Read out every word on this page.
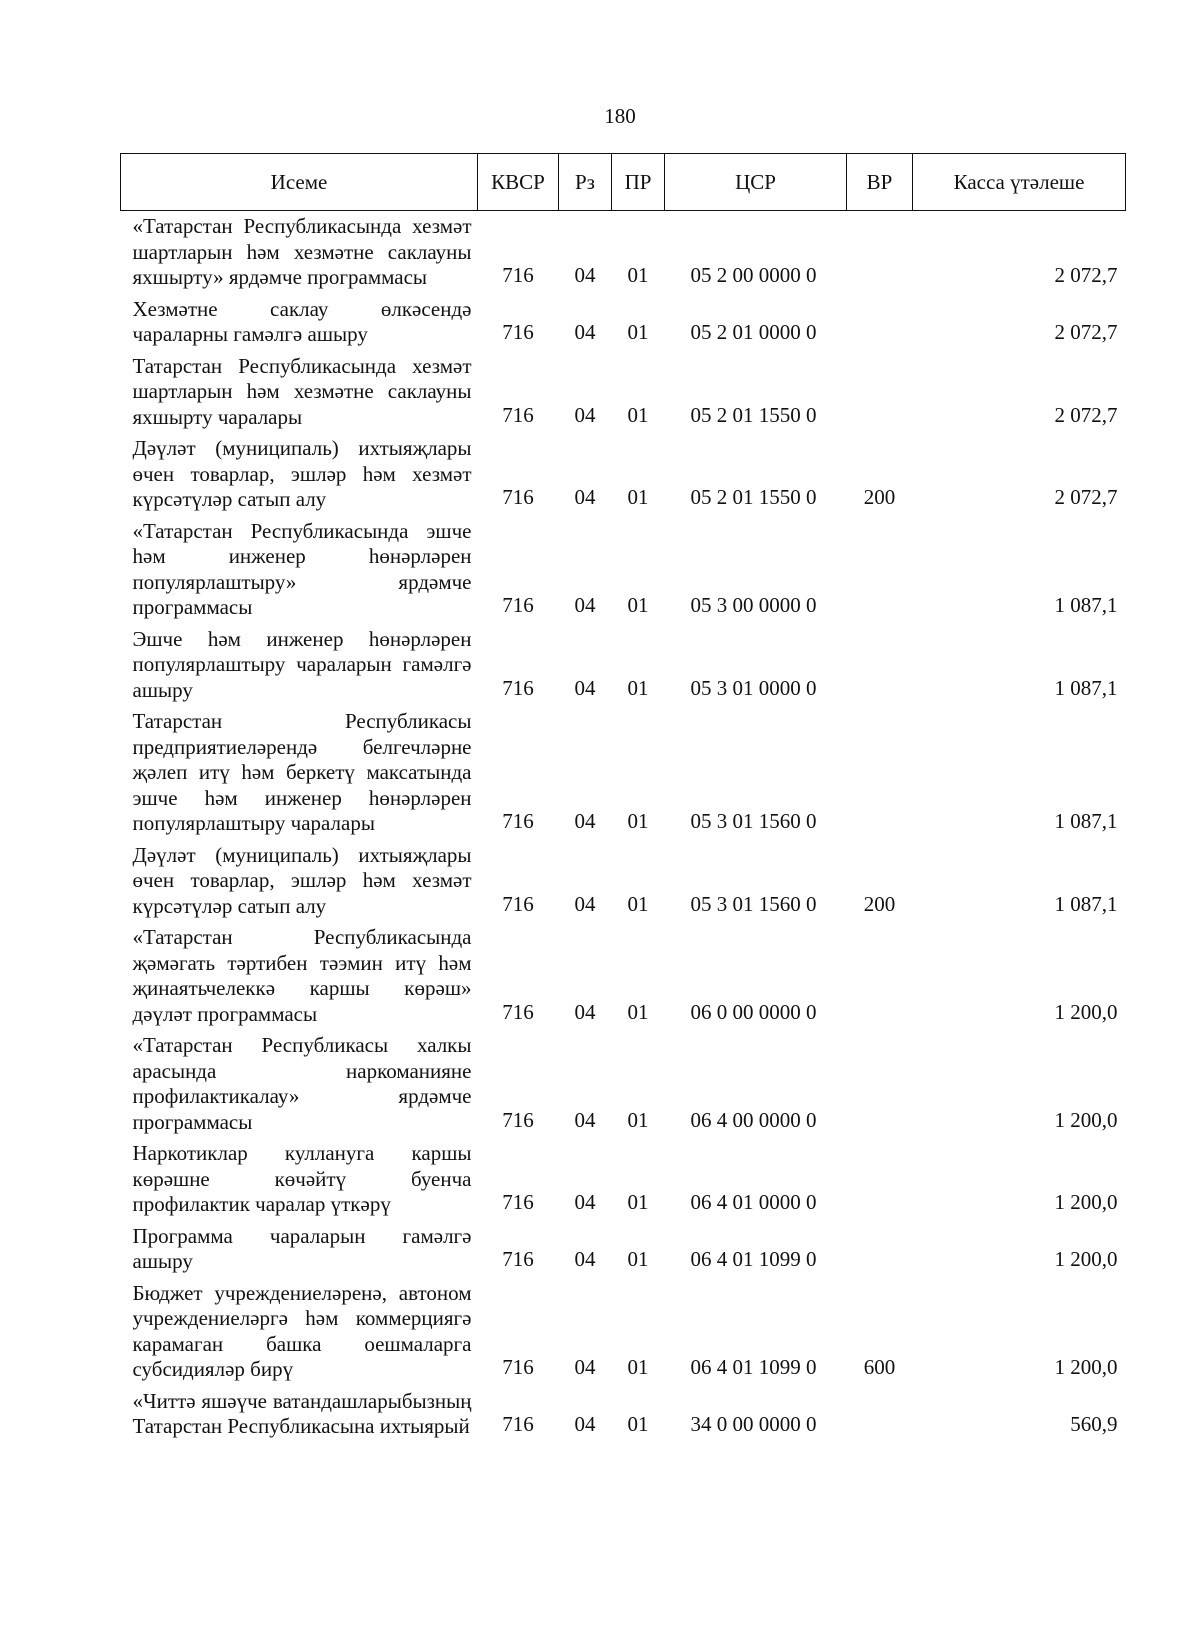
180
Исеме	КВСР	Рз	ПР	ЦСР	ВР	Касса үтәлеше
«Татарстан Республикасында хезмәт шартларын һәм хезмәтне саклауны яхшырту» ярдәмче программасы	716	04	01	05 2 00 0000 0		2 072,7
Хезмәтне саклау өлкәсендә чараларны гамәлгә ашыру	716	04	01	05 2 01 0000 0		2 072,7
Татарстан Республикасында хезмәт шартларын һәм хезмәтне саклауны яхшырту чаралары	716	04	01	05 2 01 1550 0		2 072,7
Дәүләт (муниципаль) ихтыяҗлары өчен товарлар, эшләр һәм хезмәт күрсәтүләр сатып алу	716	04	01	05 2 01 1550 0	200	2 072,7
«Татарстан Республикасында эшче һәм инженер һөнәрләрен популярлаштыру» ярдәмче программасы	716	04	01	05 3 00 0000 0		1 087,1
Эшче һәм инженер һөнәрләрен популярлаштыру чараларын гамәлгә ашыру	716	04	01	05 3 01 0000 0		1 087,1
Татарстан Республикасы предприятиеләрендә белгечләрне җәлеп итү һәм беркетү максатында эшче һәм инженер һөнәрләрен популярлаштыру чаралары	716	04	01	05 3 01 1560 0		1 087,1
Дәүләт (муниципаль) ихтыяҗлары өчен товарлар, эшләр һәм хезмәт күрсәтүләр сатып алу	716	04	01	05 3 01 1560 0	200	1 087,1
«Татарстан Республикасында җәмәгать тәртибен тәэмин итү һәм җинаятьчелеккә каршы көрәш» дәүләт программасы	716	04	01	06 0 00 0000 0		1 200,0
«Татарстан Республикасы халкы арасында наркоманияне профилактикалау» ярдәмче программасы	716	04	01	06 4 00 0000 0		1 200,0
Наркотиклар куллануга каршы көрәшне көчәйтү буенча профилактик чаралар үткәрү	716	04	01	06 4 01 0000 0		1 200,0
Программа чараларын гамәлгә ашыру	716	04	01	06 4 01 1099 0		1 200,0
Бюджет учреждениеләренә, автоном учреждениеләргә һәм коммерциягә карамаган башка оешмаларга субсидияләр бирү	716	04	01	06 4 01 1099 0	600	1 200,0
«Читтә яшәүче ватандашларыбызның Татарстан Республикасына ихтыярый	716	04	01	34 0 00 0000 0		560,9
